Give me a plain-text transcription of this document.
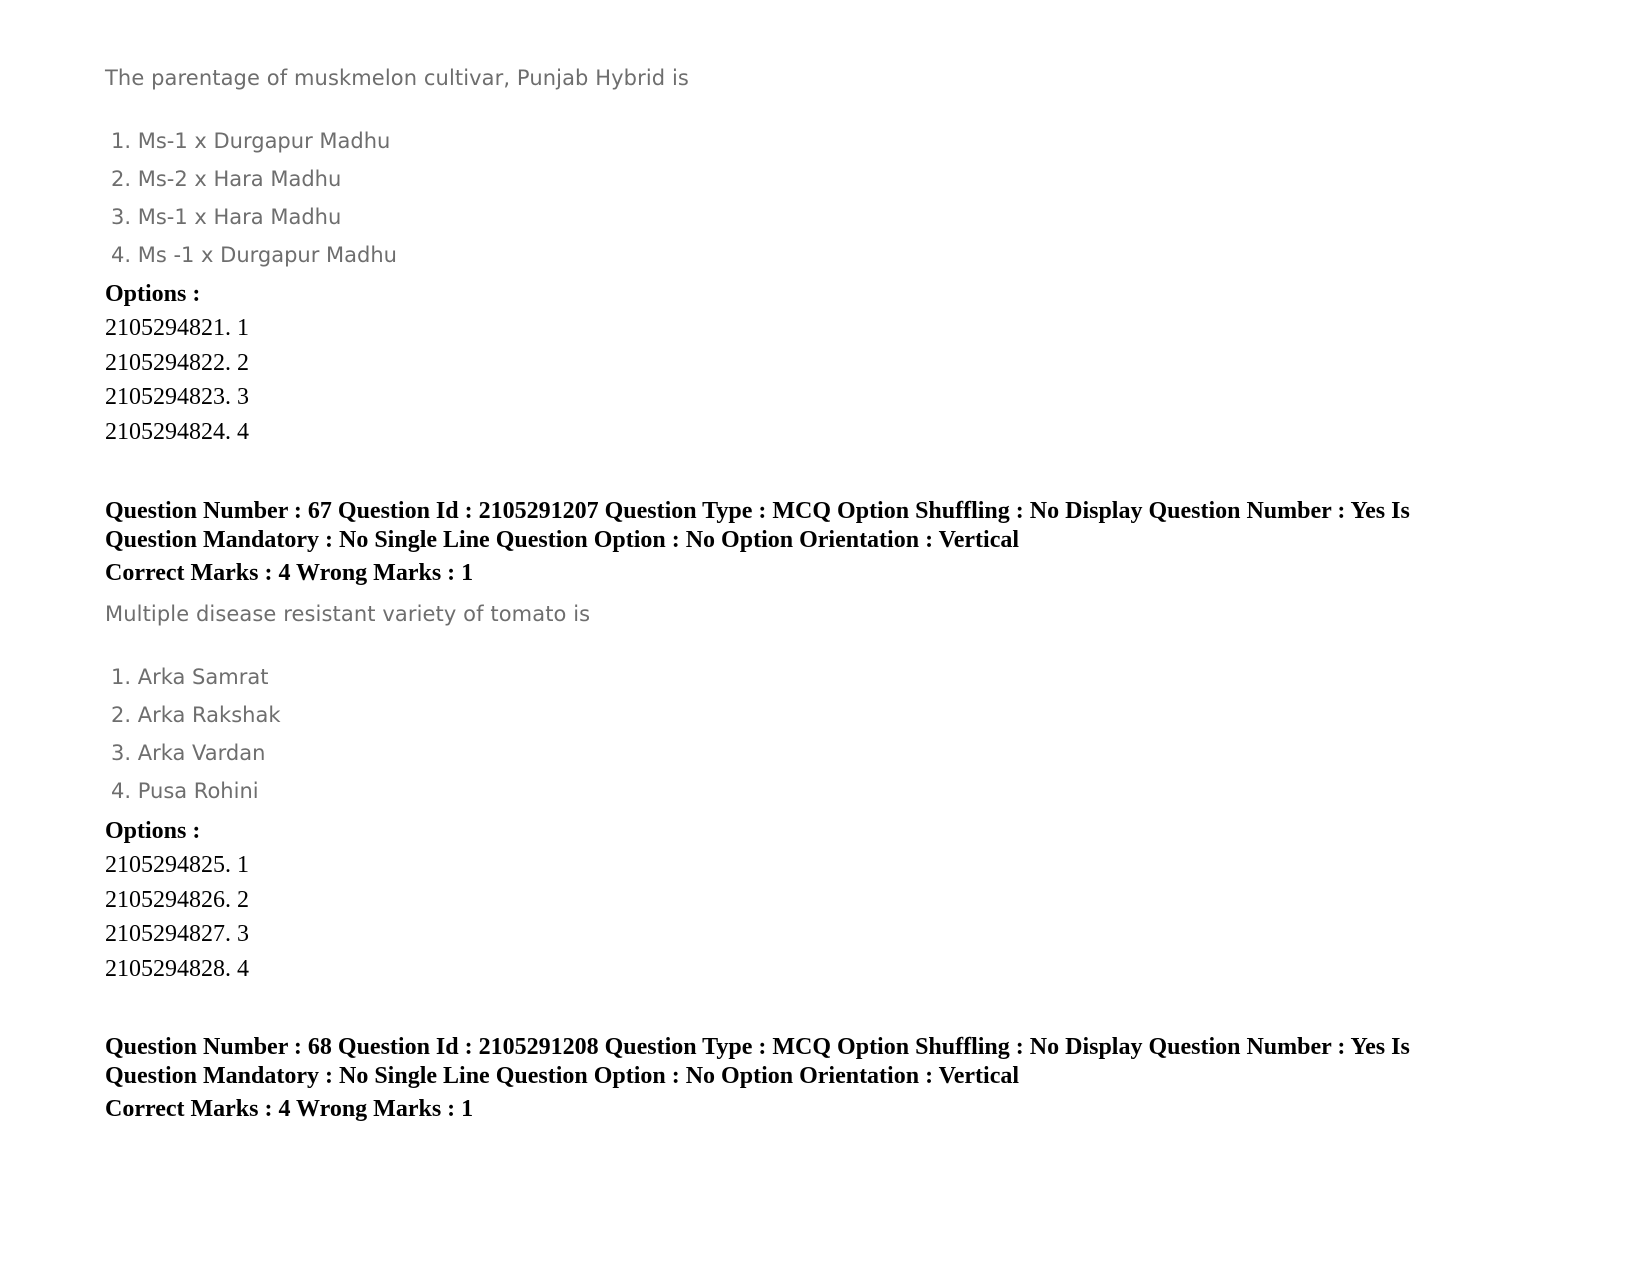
The parentage of muskmelon cultivar, Punjab Hybrid is

1. Ms-1 x Durgapur Madhu
2. Ms-2 x Hara Madhu
3. Ms-1 x Hara Madhu
4. Ms -1 x Durgapur Madhu

Options :

2105294821. 1
2105294822. 2
2105294823. 3
2105294824. 4

Question Number : 67 Question Id : 2105291207 Question Type : MCQ Option Shuffling : No Display Question Number : Yes Is

Question Mandatory : No Single Line Question Option : No Option Orientation : Vertical

Correct Marks : 4 Wrong Marks : 1

Multiple disease resistant variety of tomato is

1. Arka Samrat
2. Arka Rakshak
3. Arka Vardan
4. Pusa Rohini

Options :

2105294825. 1
2105294826. 2
2105294827. 3
2105294828. 4

Question Number : 68 Question Id : 2105291208 Question Type : MCQ Option Shuffling : No Display Question Number : Yes Is

Question Mandatory : No Single Line Question Option : No Option Orientation : Vertical

Correct Marks : 4 Wrong Marks : 1
